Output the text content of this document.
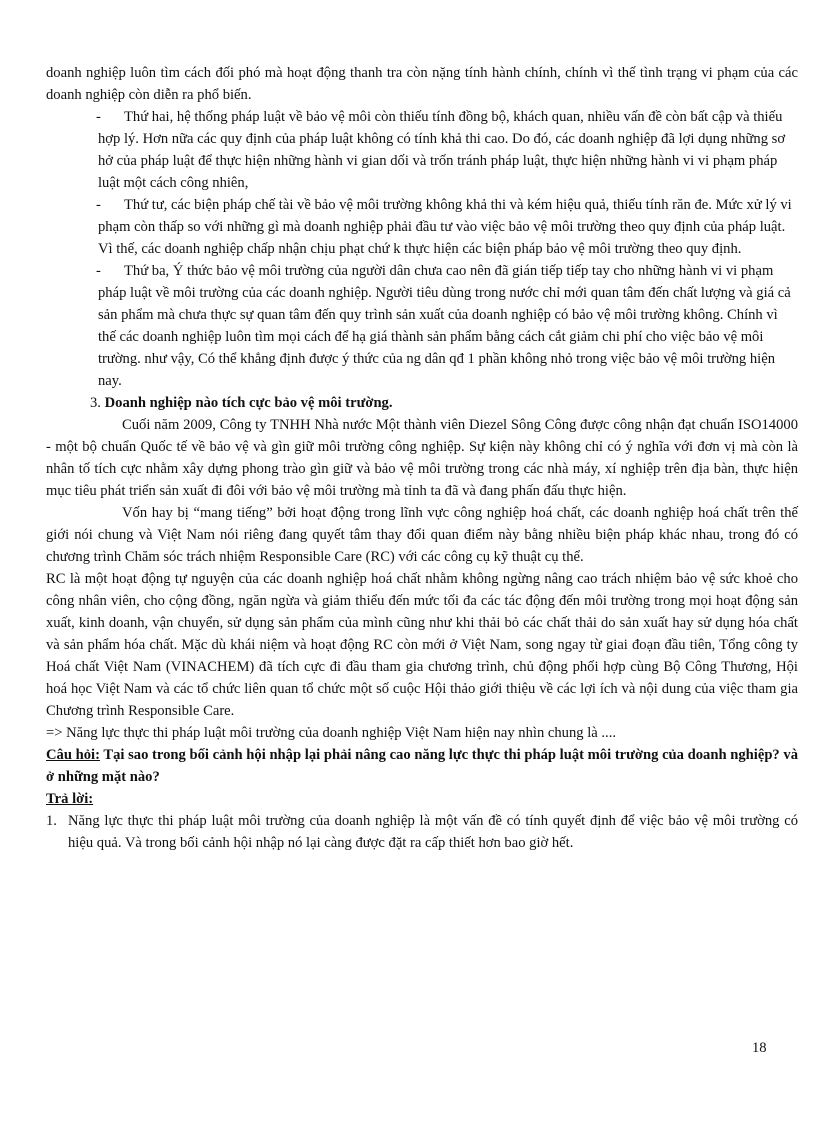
doanh nghiệp luôn tìm cách đối phó mà hoạt động thanh tra còn nặng tính hành chính, chính vì thế tình trạng vi phạm của các doanh nghiệp còn diễn ra phổ biến.

-	Thứ hai, hệ thống pháp luật về bảo vệ môi còn thiếu tính đồng bộ, khách quan, nhiều vấn đề còn bất cập và thiếu hợp lý. Hơn nữa các quy định của pháp luật không có tính khả thi cao. Do đó, các doanh nghiệp đã lợi dụng những sơ hở của pháp luật để thực hiện những hành vi gian dối và trốn tránh pháp luật, thực hiện những hành vi vi phạm pháp luật một cách công nhiên,
-	Thứ tư, các biện pháp chế tài về bảo vệ môi trường không khả thi và kém hiệu quả, thiếu tính răn đe. Mức xử lý vi phạm còn thấp so với những gì mà doanh nghiệp phải đầu tư vào việc bảo vệ môi trường theo quy định của pháp luật. Vì thế, các doanh nghiệp chấp nhận chịu phạt chứ k thực hiện các biện pháp bảo vệ môi trường theo quy định.
-	Thứ ba, Ý thức bảo vệ môi trường của người dân chưa cao nên đã gián tiếp tiếp tay cho những hành vi vi phạm pháp luật về môi trường của các doanh nghiệp. Người tiêu dùng trong nước chỉ mới quan tâm đến chất lượng và giá cả sản phẩm mà chưa thực sự quan tâm đến quy trình sản xuất của doanh nghiệp có bảo vệ môi trường không. Chính vì thế các doanh nghiệp luôn tìm mọi cách để hạ giá thành sản phẩm bằng cách cắt giảm chi phí cho việc bảo vệ môi trường. như vậy, Có thể khẳng định được ý thức của ng dân qđ 1 phần không nhỏ trong việc bảo vệ môi trường hiện nay.

3. Doanh nghiệp nào tích cực bảo vệ môi trường.

Cuối năm 2009, Công ty TNHH Nhà nước Một thành viên Diezel Sông Công được công nhận đạt chuẩn ISO14000 - một bộ chuẩn Quốc tế về bảo vệ và gìn giữ môi trường công nghiệp. Sự kiện này không chỉ có ý nghĩa với đơn vị mà còn là nhân tố tích cực nhằm xây dựng phong trào gìn giữ và bảo vệ môi trường trong các nhà máy, xí nghiệp trên địa bàn, thực hiện mục tiêu phát triển sản xuất đi đôi với bảo vệ môi trường mà tỉnh ta đã và đang phấn đấu thực hiện.

Vốn hay bị “mang tiếng” bởi hoạt động trong lĩnh vực công nghiệp hoá chất, các doanh nghiệp hoá chất trên thế giới nói chung và Việt Nam nói riêng đang quyết tâm thay đổi quan điểm này bằng nhiều biện pháp khác nhau, trong đó có chương trình Chăm sóc trách nhiệm Responsible Care (RC) với các công cụ kỹ thuật cụ thể.

RC là một hoạt động tự nguyện của các doanh nghiệp hoá chất nhằm không ngừng nâng cao trách nhiệm bảo vệ sức khoẻ cho công nhân viên, cho cộng đồng, ngăn ngừa và giảm thiểu đến mức tối đa các tác động đến môi trường trong mọi hoạt động sản xuất, kinh doanh, vận chuyển, sử dụng sản phẩm của mình cũng như khi thải bỏ các chất thải do sản xuất hay sử dụng hóa chất và sản phẩm hóa chất. Mặc dù khái niệm và hoạt động RC còn mới ở Việt Nam, song ngay từ giai đoạn đầu tiên, Tổng công ty Hoá chất Việt Nam (VINACHEM) đã tích cực đi đầu tham gia chương trình, chủ động phối hợp cùng Bộ Công Thương, Hội hoá học Việt Nam và các tổ chức liên quan tổ chức một số cuộc Hội thảo giới thiệu về các lợi ích và nội dung của việc tham gia Chương trình Responsible Care.

=> Năng lực thực thi pháp luật môi trường của doanh nghiệp Việt Nam hiện nay nhìn chung là ....

Câu hỏi: Tại sao trong bối cảnh hội nhập lại phải nâng cao năng lực thực thi pháp luật môi trường của doanh nghiệp? và ở những mặt nào?

Trả lời:

1. Năng lực thực thi pháp luật môi trường của doanh nghiệp là một vấn đề có tính quyết định để việc bảo vệ môi trường có hiệu quả. Và trong bối cảnh hội nhập nó lại càng được đặt ra cấp thiết hơn bao giờ hết.

18
